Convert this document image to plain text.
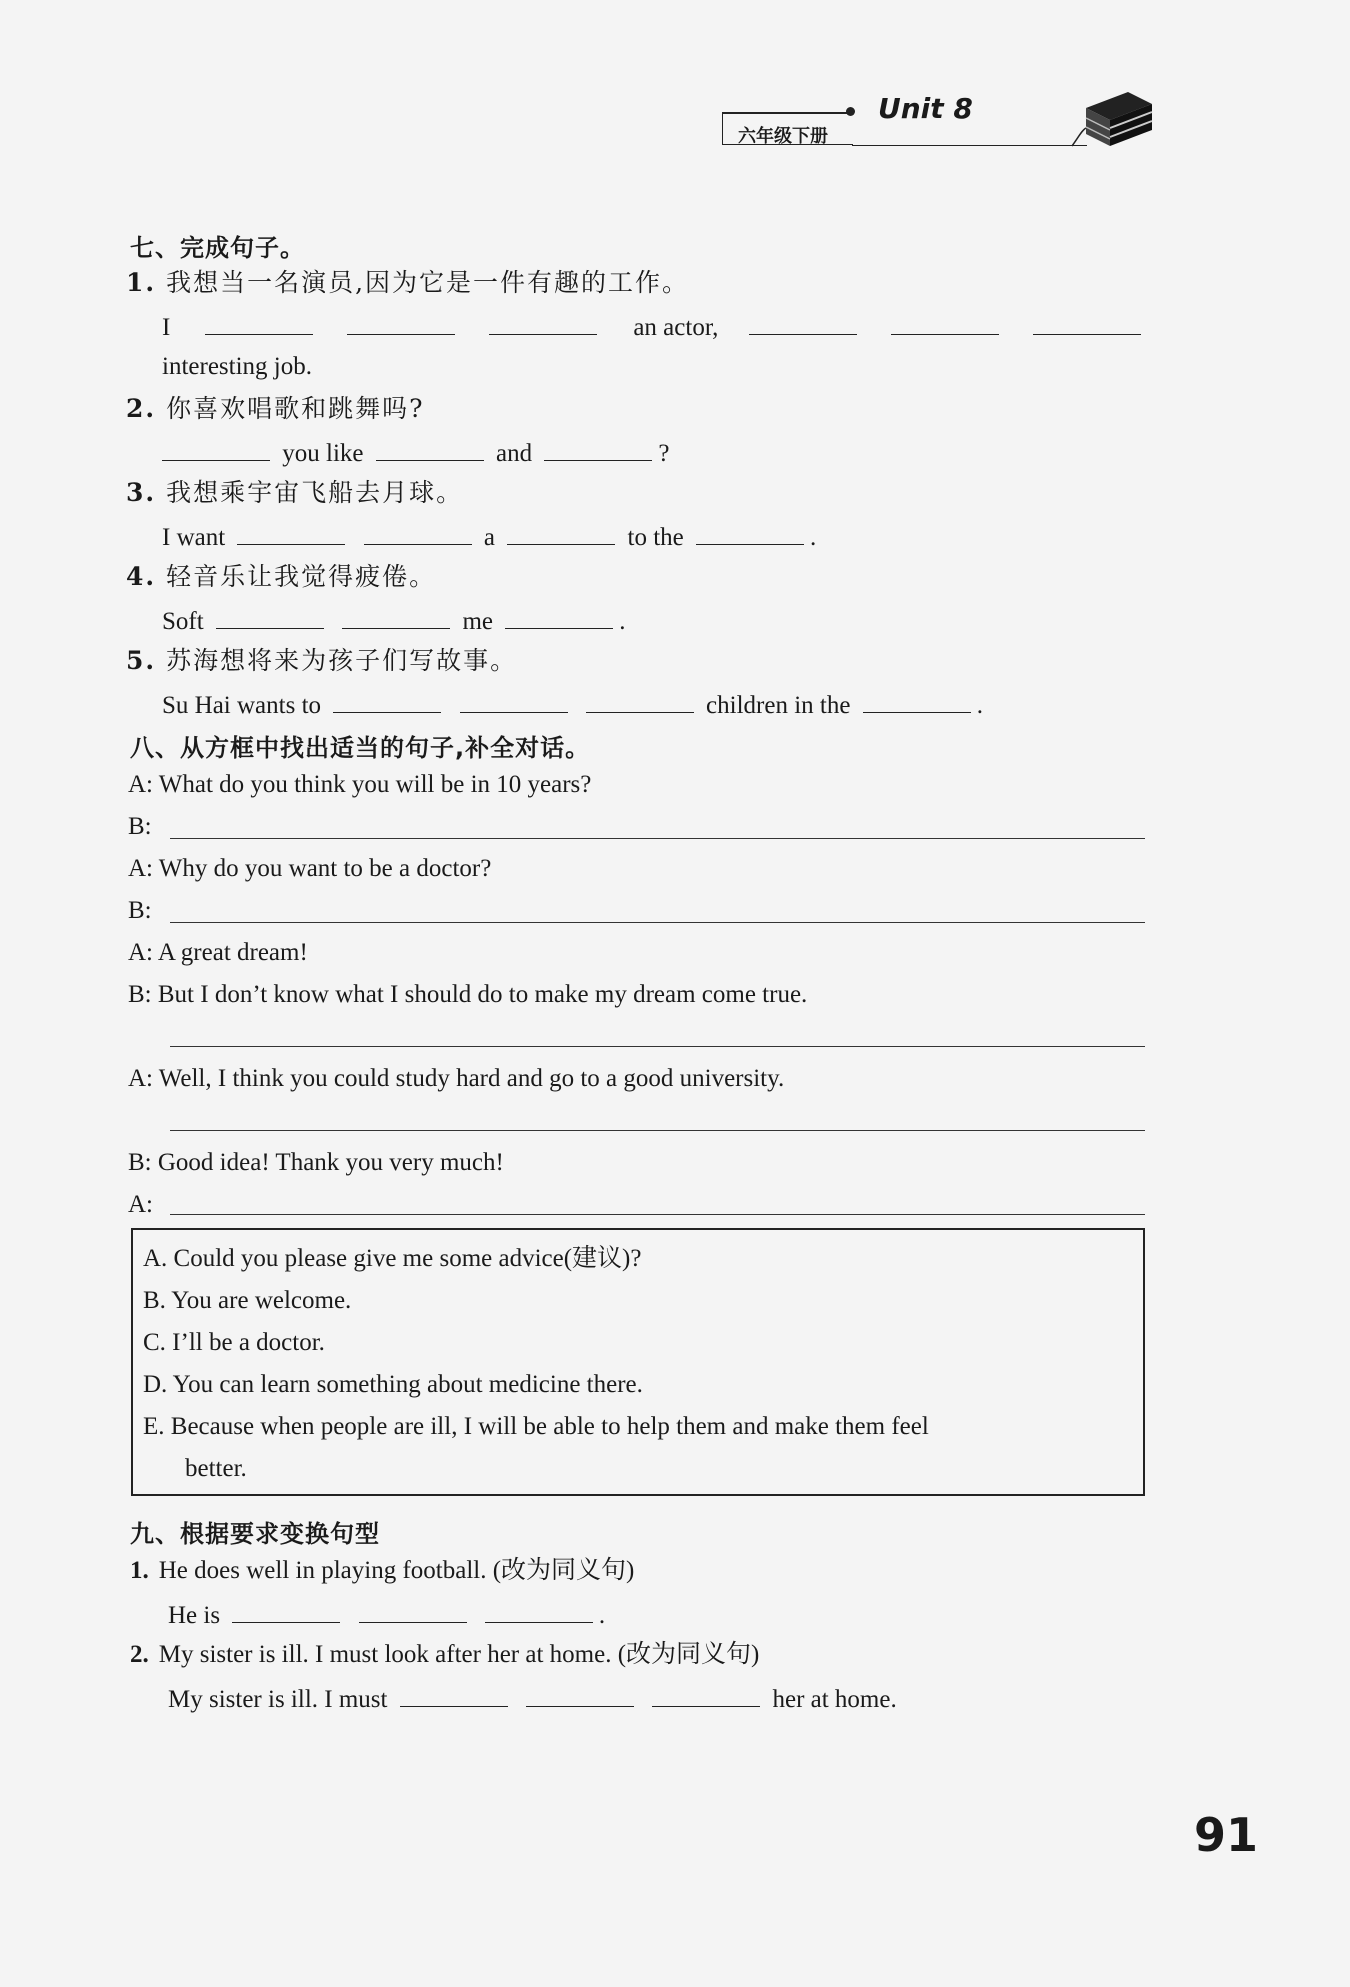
六年级下册
Unit 8
七、完成句子。
1. 我想当一名演员,因为它是一件有趣的工作。
I	an actor,
interesting job.
2. 你喜欢唱歌和跳舞吗?
you like	and	?
3. 我想乘宇宙飞船去月球。
I want	a	to the	.
4. 轻音乐让我觉得疲倦。
Soft	me	.
5. 苏海想将来为孩子们写故事。
Su Hai wants to	children in the	.
八、从方框中找出适当的句子,补全对话。
A: What do you think you will be in 10 years?
B:
A: Why do you want to be a doctor?
B:
A: A great dream!
B: But I don’t know what I should do to make my dream come true.
A: Well, I think you could study hard and go to a good university.
B: Good idea! Thank you very much!
A:
A. Could you please give me some advice(建议)?
B. You are welcome.
C. I’ll be a doctor.
D. You can learn something about medicine there.
E. Because when people are ill, I will be able to help them and make them feel
better.
九、根据要求变换句型
1. He does well in playing football. (改为同义句)
He is	.
2. My sister is ill. I must look after her at home. (改为同义句)
My sister is ill. I must	her at home.
91
